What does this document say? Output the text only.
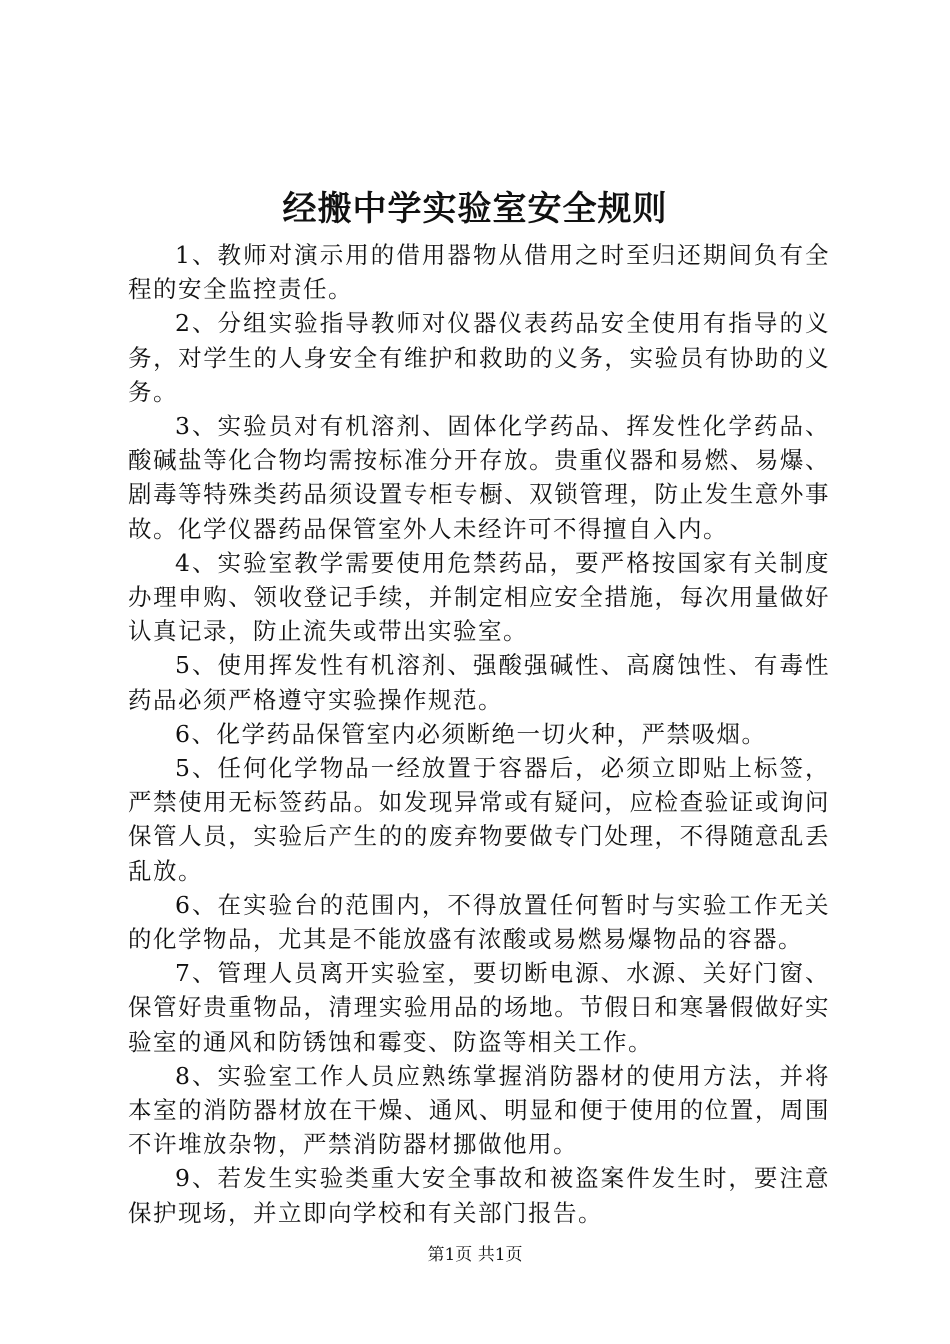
经搬中学实验室安全规则

1、教师对演示用的借用器物从借用之时至归还期间负有全程的安全监控责任。

2、分组实验指导教师对仪器仪表药品安全使用有指导的义务，对学生的人身安全有维护和救助的义务，实验员有协助的义务。

3、实验员对有机溶剂、固体化学药品、挥发性化学药品、酸碱盐等化合物均需按标准分开存放。贵重仪器和易燃、易爆、剧毒等特殊类药品须设置专柜专橱、双锁管理，防止发生意外事故。化学仪器药品保管室外人未经许可不得擅自入内。

4、实验室教学需要使用危禁药品，要严格按国家有关制度办理申购、领收登记手续，并制定相应安全措施，每次用量做好认真记录，防止流失或带出实验室。

5、使用挥发性有机溶剂、强酸强碱性、高腐蚀性、有毒性药品必须严格遵守实验操作规范。

6、化学药品保管室内必须断绝一切火种，严禁吸烟。

5、任何化学物品一经放置于容器后，必须立即贴上标签，严禁使用无标签药品。如发现异常或有疑问，应检查验证或询问保管人员，实验后产生的的废弃物要做专门处理，不得随意乱丢乱放。

6、在实验台的范围内，不得放置任何暂时与实验工作无关的化学物品，尤其是不能放盛有浓酸或易燃易爆物品的容器。

7、管理人员离开实验室，要切断电源、水源、关好门窗、保管好贵重物品，清理实验用品的场地。节假日和寒暑假做好实验室的通风和防锈蚀和霉变、防盗等相关工作。

8、实验室工作人员应熟练掌握消防器材的使用方法，并将本室的消防器材放在干燥、通风、明显和便于使用的位置，周围不许堆放杂物，严禁消防器材挪做他用。

9、若发生实验类重大安全事故和被盗案件发生时，要注意保护现场，并立即向学校和有关部门报告。

第1页 共1页
